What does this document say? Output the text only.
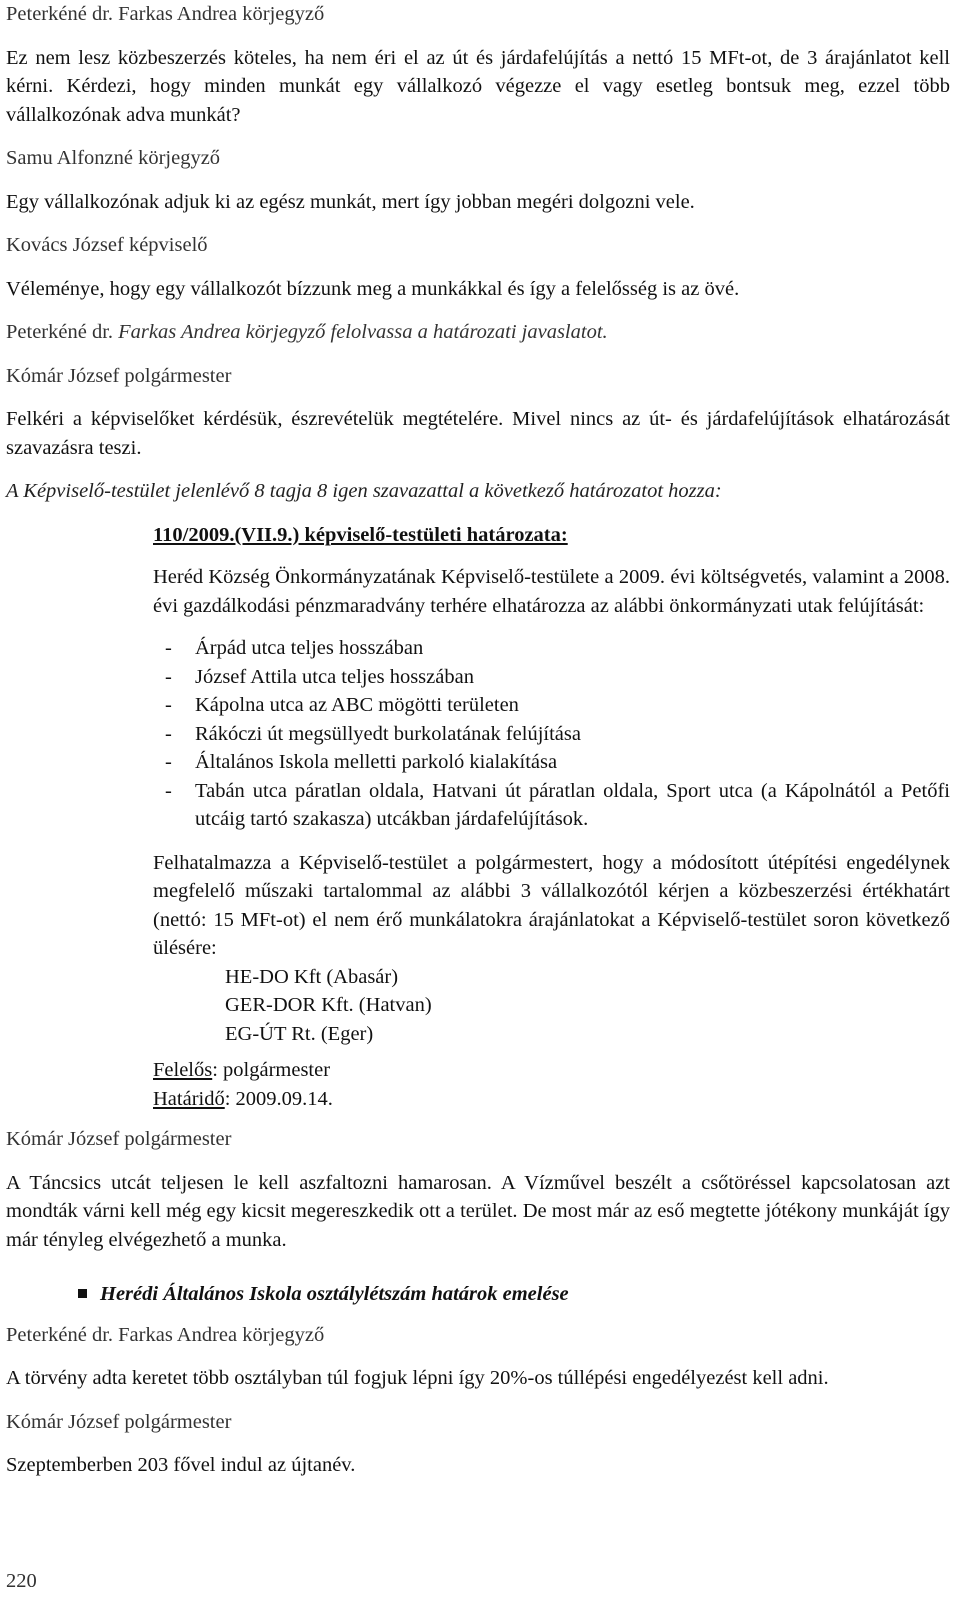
Peterkéné dr. Farkas Andrea körjegyző

Ez nem lesz közbeszerzés köteles, ha nem éri el az út és járdafelújítás a nettó 15 MFt-ot, de 3 árajánlatot kell kérni. Kérdezi, hogy minden munkát egy vállalkozó végezze el vagy esetleg bontsuk meg, ezzel több vállalkozónak adva munkát?

Samu Alfonzné körjegyző

Egy vállalkozónak adjuk ki az egész munkát, mert így jobban megéri dolgozni vele.

Kovács József képviselő

Véleménye, hogy egy vállalkozót bízzunk meg a munkákkal és így a felelősség is az övé.

Peterkéné dr. Farkas Andrea körjegyző felolvassa a határozati javaslatot.

Kómár József polgármester

Felkéri a képviselőket kérdésük, észrevételük megtételére. Mivel nincs az út- és járdafelújítások elhatározását szavazásra teszi.

A Képviselő-testület jelenlévő 8 tagja 8 igen szavazattal a következő határozatot hozza:

110/2009.(VII.9.) képviselő-testületi határozata:

Heréd Község Önkormányzatának Képviselő-testülete a 2009. évi költségvetés, valamint a 2008. évi gazdálkodási pénzmaradvány terhére elhatározza az alábbi önkormányzati utak felújítását:

- Árpád utca teljes hosszában
- József Attila utca teljes hosszában
- Kápolna utca az ABC mögötti területen
- Rákóczi út megsüllyedt burkolatának felújítása
- Általános Iskola melletti parkoló kialakítása
- Tabán utca páratlan oldala, Hatvani út páratlan oldala, Sport utca (a Kápolnától a Petőfi utcáig tartó szakasza) utcákban járdafelújítások.

Felhatalmazza a Képviselő-testület a polgármestert, hogy a módosított útépítési engedélynek megfelelő műszaki tartalommal az alábbi 3 vállalkozótól kérjen a közbeszerzési értékhatárt (nettó: 15 MFt-ot) el nem érő munkálatokra árajánlatokat a Képviselő-testület soron következő ülésére:

HE-DO Kft (Abasár)

GER-DOR Kft. (Hatvan)

EG-ÚT Rt. (Eger)

Felelős: polgármester

Határidő: 2009.09.14.

Kómár József polgármester

A Táncsics utcát teljesen le kell aszfaltozni hamarosan. A Vízművel beszélt a csőtöréssel kapcsolatosan azt mondták várni kell még egy kicsit megereszkedik ott a terület. De most már az eső megtette jótékony munkáját így már tényleg elvégezhető a munka.

Herédi Általános Iskola osztálylétszám határok emelése

Peterkéné dr. Farkas Andrea körjegyző

A törvény adta keretet több osztályban túl fogjuk lépni így 20%-os túllépési engedélyezést kell adni.

Kómár József polgármester

Szeptemberben 203 fővel indul az újtanév.

220
